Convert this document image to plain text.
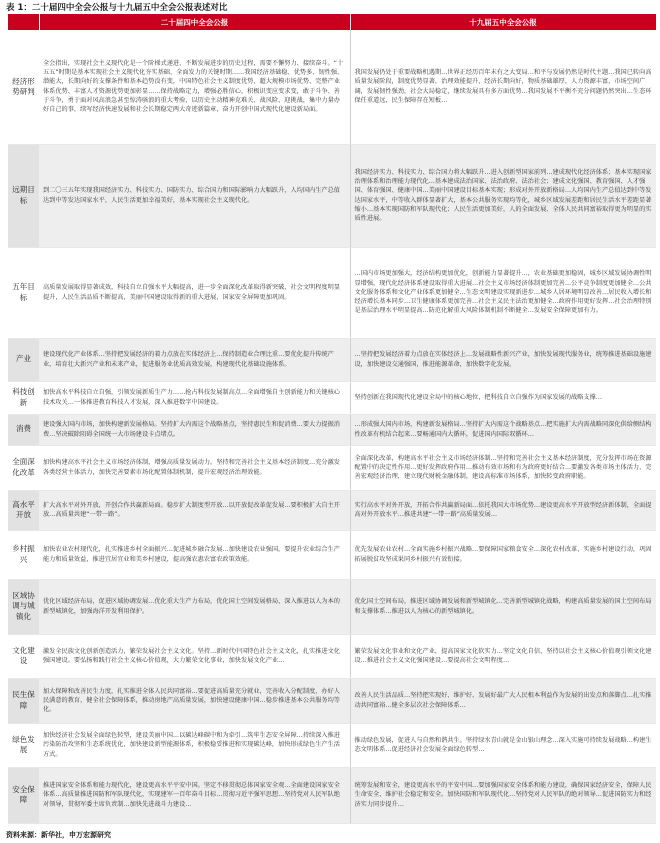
表 1：二十届四中全会公报与十九届五中全会公报表述对比
	二十届四中全会公报	十九届五中全会公报
经济形势研判	全会指出，实现社会主义现代化是一个阶梯式递进、不断发展进步的历史过程，需要不懈努力、接续奋斗。“十五五”时期是基本实现社会主义现代化夯实基础、全面发力的关键时期……我国经济基础稳、优势多、韧性强、潜能大，长期向好的支撑条件和基本趋势没有变，中国特色社会主义制度优势、超大规模市场优势、完整产业体系优势、丰富人才资源优势更加彰显……保持战略定力，增强必胜信心，积极识变应变求变，敢于斗争、善于斗争，勇于面对风高浪急甚至惊涛骇浪的重大考验，以历史主动精神克难关、战风险、迎挑战，集中力量办好自己的事，续写经济快速发展和社会长期稳定两大奇迹新篇章，奋力开创中国式现代化建设新局面。	我国发展仍处于重要战略机遇期…世界正经历百年未有之大变局…和平与发展仍然是时代主题…我国已转向高质量发展阶段，制度优势显著，治理效能提升，经济长期向好，物质基础雄厚，人力资源丰富，市场空间广阔，发展韧性强劲，社会大局稳定，继续发展具有多方面优势…我国发展不平衡不充分问题仍然突出…生态环保任重道远，民生保障存在短板…
远期目标	到二〇三五年实现我国经济实力、科技实力、国防实力、综合国力和国际影响力大幅跃升，人均国内生产总值达到中等发达国家水平，人民生活更加幸福美好，基本实现社会主义现代化。	我国经济实力、科技实力、综合国力将大幅跃升…进入创新型国家前列…建成现代化经济体系；基本实现国家治理体系和治理能力现代化…基本建成法治国家、法治政府、法治社会；建成文化强国、教育强国、人才强国、体育强国、健康中国…美丽中国建设目标基本实现；形成对外开放新格局…人均国内生产总值达到中等发达国家水平，中等收入群体显著扩大，基本公共服务实现均等化，城乡区域发展差距和居民生活水平差距显著缩小…基本实现国防和军队现代化；人民生活更加美好，人的全面发展、全体人民共同富裕取得更为明显的实质性进展。
五年目标	高质量发展取得显著成效，科技自立自强水平大幅提高，进一步全面深化改革取得新突破，社会文明程度明显提升，人民生活品质不断提高，美丽中国建设取得新的重大进展，国家安全屏障更加巩固。	…国内市场更加强大，经济结构更加优化，创新能力显著提升…，农业基础更加稳固，城乡区域发展协调性明显增强，现代化经济体系建设取得重大进展…社会主义市场经济体制更加完善…公平竞争制度更加健全…公共文化服务体系和文化产业体系更加健全…生态文明建设实现新进步…城乡人居环境明显改善…居民收入增长和经济增长基本同步…卫生健康体系更加完善…社会主义民主法治更加健全…政府作用更好发挥…社会治理特别是基层治理水平明显提高…防范化解重大风险体制机制不断健全…发展安全保障更加有力。
产业	建设现代化产业体系…坚持把发展经济的着力点放在实体经济上…保持制造业合理比重…要优化提升传统产业，培育壮大新兴产业和未来产业，促进服务业优质高效发展，构建现代化基础设施体系。	…坚持把发展经济着力点放在实体经济上…发展战略性新兴产业，加快发展现代服务业，统筹推进基础设施建设，加快建设交通强国，推进能源革命，加快数字化发展。
科技创新	加快高水平科技自立自强，引领发展新质生产力……抢占科技发展制高点…全面增强自主创新能力和关键核心技术攻关…一体推进教育科技人才发展，深入推进数字中国建设。	坚持创新在我国现代化建设全局中的核心地位，把科技自立自强作为国家发展的战略支撑…
消费	建设强大国内市场，加快构建新发展格局。坚持扩大内需这个战略基点，坚持惠民生和促消费…要大力提振消费…坚决破除阻碍全国统一大市场建设卡点堵点。	…形成强大国内市场，构建新发展格局…坚持扩大内需这个战略基点…把实施扩大内需战略同深化供给侧结构性改革有机结合起来…要畅通国内大循环，促进国内国际双循环…
全面深化改革	加快构建高水平社会主义市场经济体制，增强高质量发展动力。坚持和完善社会主义基本经济制度…充分激发各类经营主体活力，加快完善要素市场化配置体制机制，提升宏观经济治理效能。	全面深化改革，构建高水平社会主义市场经济体制…坚持和完善社会主义基本经济制度，充分发挥市场在资源配置中的决定性作用…更好发挥政府作用…推动有效市场和有为政府更好结合…要激发各类市场主体活力，完善宏观经济治理，建立现代财税金融体制，建设高标准市场体系，加快转变政府职能。
高水平开放	扩大高水平对外开放，开创合作共赢新局面。稳步扩大制度型开放…以开放促改革促发展…要积极扩大自主开放…高质量共建“一带一路”。	实行高水平对外开放，开拓合作共赢新局面…依托我国大市场优势…建设更高水平开放型经济新体制，全面提高对外开放水平…推进共建“一带一路”高质量发展…
乡村振兴	加快农业农村现代化，扎实推进乡村全面振兴…促进城乡融合发展…加快建设农业强国。要提升农业综合生产能力和质量效益，推进宜居宜业和美乡村建设，提高强农惠农富农政策效能。	优先发展农业农村…全面实施乡村振兴战略…要保障国家粮食安全…深化农村改革，实施乡村建设行动，巩固拓展脱贫攻坚成果同乡村振兴有效衔接。
区域协调与城镇化	优化区域经济布局，促进区域协调发展…优化重大生产力布局，优化国土空间发展格局，深入推进以人为本的新型城镇化，加强海洋开发利用保护。	优化国土空间布局，推进区域协调发展和新型城镇化…完善新型城镇化战略，构建高质量发展的国土空间布局和支撑体系…推进以人为核心的新型城镇化。
文化建设	激发全民族文化创新创造活力，繁荣发展社会主义文化。坚持…新时代中国特色社会主义文化，扎实推进文化强国建设。要弘扬和践行社会主义核心价值观，大力繁荣文化事业，加快发展文化产业…	繁荣发展文化事业和文化产业，提高国家文化软实力…坚定文化自信，坚持以社会主义核心价值观引领文化建设…推进社会主义文化强国建设…要提高社会文明程度…
民生保障	加大保障和改善民生力度，扎实推进全体人民共同富裕…要促进高质量充分就业，完善收入分配制度，办好人民满意的教育，健全社会保障体系，推动房地产高质量发展，加快建设健康中国…稳步推进基本公共服务均等化。	改善人民生活品质…坚持把实现好、维护好、发展好最广大人民根本利益作为发展的出发点和落脚点…扎实推动共同富裕…健全多层次社会保障体系…
绿色发展	加快经济社会发展全面绿色转型，建设美丽中国…以碳达峰碳中和为牵引…筑牢生态安全屏障…持续深入推进污染防治攻坚和生态系统优化，加快建设新型能源体系，积极稳妥推进和实现碳达峰，加快形成绿色生产生活方式。	推动绿色发展，促进人与自然和谐共生。坚持绿水青山就是金山银山理念…深入实施可持续发展战略…构建生态文明体系…促进经济社会发展全面绿色转型…
安全保障	推进国家安全体系和能力现代化，建设更高水平平安中国。坚定不移贯彻总体国家安全观…全面建设国家安全体系…高质量推进国防和军队现代化，实现建军一百年奋斗目标…贯彻习近平强军思想…坚持党对人民军队绝对领导，贯彻军委主席负责制…加快先进战斗力建设…	统筹发展和安全，建设更高水平的平安中国…要加强国家安全体系和能力建设，确保国家经济安全，保障人民生命安全，维护社会稳定和安全。加快国防和军队现代化…坚持党对人民军队的绝对领导…促进国防实力和经济实力同步提升…
资料来源：新华社，申万宏源研究
